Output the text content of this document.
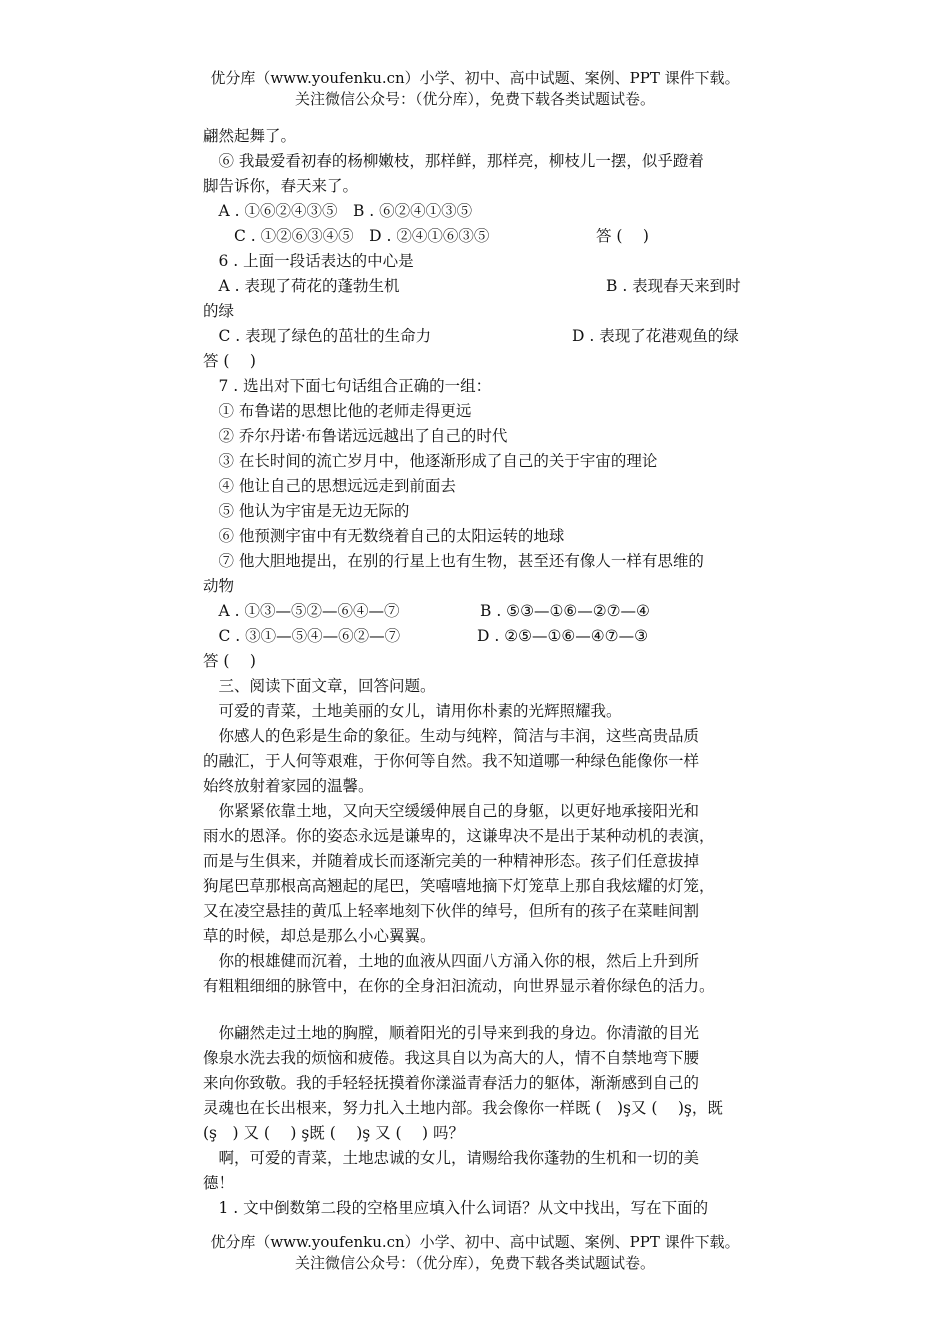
优分库（www.youfenku.cn）小学、初中、高中试题、案例、PPT 课件下载。
关注微信公众号：（优分库），免费下载各类试题试卷。
翩然起舞了。
　⑥ 我最爱看初春的杨柳嫩枝，那样鲜，那样亮，柳枝儿一摆，似乎蹬着
脚告诉你，春天来了。
　A . ①⑥②④③⑤　B . ⑥②④①③⑤
　　C . ①②⑥③④⑤　D . ②④①⑥③⑤	答 (　 )
　6 . 上面一段话表达的中心是
　A . 表现了荷花的蓬勃生机	B . 表现春天来到时
的绿
　C . 表现了绿色的茁壮的生命力	D . 表现了花港观鱼的绿
答 (　 )
　7 . 选出对下面七句话组合正确的一组：
　① 布鲁诺的思想比他的老师走得更远
　② 乔尔丹诺·布鲁诺远远越出了自己的时代
　③ 在长时间的流亡岁月中，他逐渐形成了自己的关于宇宙的理论
　④ 他让自己的思想远远走到前面去
　⑤ 他认为宇宙是无边无际的
　⑥ 他预测宇宙中有无数绕着自己的太阳运转的地球
　⑦ 他大胆地提出，在别的行星上也有生物，甚至还有像人一样有思维的
动物
　A . ①③—⑤②—⑥④—⑦	B . ⑤③—①⑥—②⑦—④
　C . ③①—⑤④—⑥②—⑦	D . ②⑤—①⑥—④⑦—③
答 (　 )
　三、阅读下面文章，回答问题。
　可爱的青菜，土地美丽的女儿，请用你朴素的光辉照耀我。
　你感人的色彩是生命的象征。生动与纯粹，简洁与丰润，这些高贵品质
的融汇，于人何等艰难，于你何等自然。我不知道哪一种绿色能像你一样
始终放射着家园的温馨。
　你紧紧依靠土地，又向天空缓缓伸展自己的身躯，以更好地承接阳光和
雨水的恩泽。你的姿态永远是谦卑的，这谦卑决不是出于某种动机的表演，
而是与生俱来，并随着成长而逐渐完美的一种精神形态。孩子们任意拔掉
狗尾巴草那根高高翘起的尾巴，笑嘻嘻地摘下灯笼草上那自我炫耀的灯笼，
又在凌空悬挂的黄瓜上轻率地刻下伙伴的绰号，但所有的孩子在菜畦间割
草的时候，却总是那么小心翼翼。
　你的根雄健而沉着，土地的血液从四面八方涌入你的根，然后上升到所
有粗粗细细的脉管中，在你的全身汩汩流动，向世界显示着你绿色的活力。
　你翩然走过土地的胸膛，顺着阳光的引导来到我的身边。你清澈的目光
像泉水洗去我的烦恼和疲倦。我这具自以为高大的人，情不自禁地弯下腰
来向你致敬。我的手轻轻抚摸着你漾溢青春活力的躯体，渐渐感到自己的
灵魂也在长出根来，努力扎入土地内部。我会像你一样既 (　)ş又 (　 )ş，既
(ş　) 又 (　 ) ş既 (　 )ş 又 (　 ) 吗？
　啊，可爱的青菜，土地忠诚的女儿，请赐给我你蓬勃的生机和一切的美
德！
　1 . 文中倒数第二段的空格里应填入什么词语？从文中找出，写在下面的
优分库（www.youfenku.cn）小学、初中、高中试题、案例、PPT 课件下载。
关注微信公众号：（优分库），免费下载各类试题试卷。
